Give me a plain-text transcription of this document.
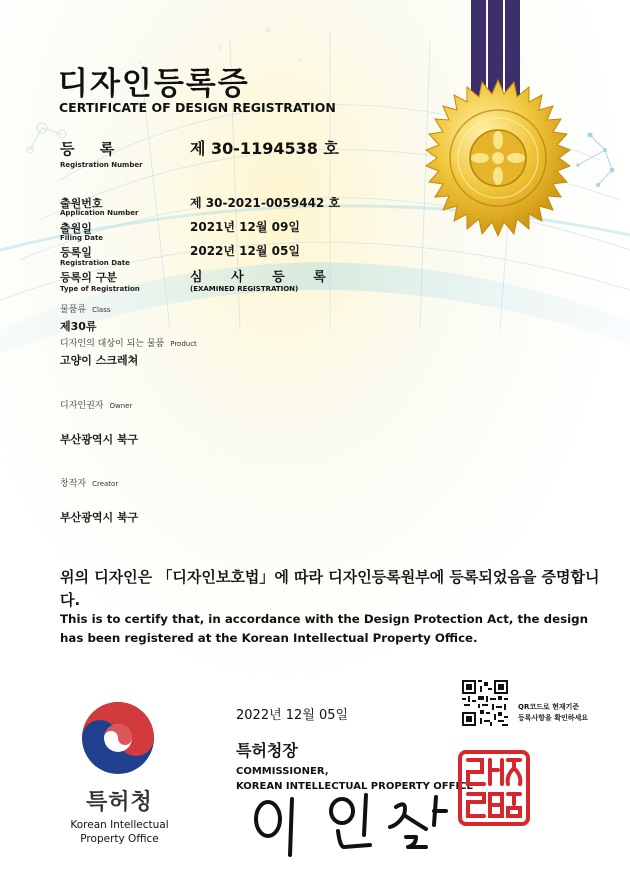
디자인등록증
CERTIFICATE OF DESIGN REGISTRATION
등 록
Registration Number
제 30-1194538 호
출원번호
Application Number
제 30-2021-0059442 호
출원일
Filing Date
2021년 12월 09일
등록일
Registration Date
2022년 12월 05일
등록의 구분
Type of Registration
심 사 등 록
(EXAMINED REGISTRATION)
물품류 Class
제30류
디자인의 대상이 되는 물품 Product
고양이 스크레쳐
디자인권자 Owner
부산광역시 북구
창작자 Creator
부산광역시 북구
위의 디자인은 「디자인보호법」에 따라 디자인등록원부에 등록되었음을 증명합니다.
This is to certify that, in accordance with the Design Protection Act, the design has been registered at the Korean Intellectual Property Office.
특허청
Korean Intellectual
Property Office
2022년 12월 05일
QR코드로 현재기준
등록사항을 확인하세요
특허청장
COMMISSIONER,
KOREAN INTELLECTUAL PROPERTY OFFICE
